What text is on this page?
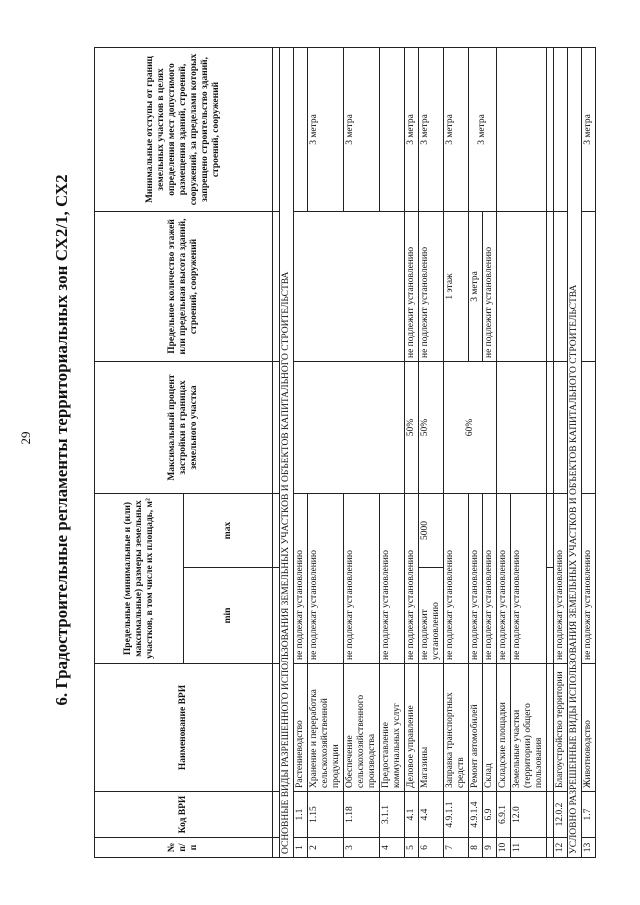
29 6. Градостроительные регламенты территориальных зон СХ2/1, СХ2
№ п/п	Код ВРИ	Наименование ВРИ	Предельные (минимальные и (или) максимальные) размеры земельных участков, в том числе их площадь, м²		Максимальный процент застройки в границах земельного участка	Предельное количество этажей или предельная высота зданий, строений, сооружений	Минимальные отступы от границ земельных участков в целях определения мест допустимого размещения зданий, строений, сооружений, за пределами которых запрещено строительство зданий, строений, сооружений
			min	max			

ОСНОВНЫЕ ВИДЫ РАЗРЕШЕННОГО ИСПОЛЬЗОВАНИЯ ЗЕМЕЛЬНЫХ УЧАСТКОВ И ОБЪЕКТОВ КАПИТАЛЬНОГО СТРОИТЕЛЬСТВА							
1	1.1	Растениеводство	не подлежат установлению				
2	1.15	Хранение и переработка сельскохозяйственной продукции	не подлежат установлению				3 метра
3	1.18	Обеспечение сельскохозяйственного производства	не подлежат установлению				3 метра
4	3.1.1	Предоставление коммунальных услуг	не подлежат установлению				
5	4.1	Деловое управление	не подлежат установлению		50%	не подлежит установлению	3 метра
6	4.4	Магазины	не подлежит установлению	5000	50%	не подлежит установлению	3 метра
7	4.9.1.1	Заправка транспортных средств	не подлежат установлению		60%	1 этаж	3 метра
8	4.9.1.4	Ремонт автомобилей	не подлежат установлению			3 метра	3 метра
9	6.9	Склад	не подлежат установлению			не подлежит установлению	
10	6.9.1	Складские площадки	не подлежат установлению				
11	12.0	Земельные участки (территории) общего пользования	не подлежат установлению				

12	12.0.2	Благоустройство территории	не подлежат установлению				
УСЛОВНО РАЗРЕШЕННЫЕ ВИДЫ ИСПОЛЬЗОВАНИЯ ЗЕМЕЛЬНЫХ УЧАСТКОВ И ОБЪЕКТОВ КАПИТАЛЬНОГО СТРОИТЕЛЬСТВА							
13	1.7	Животноводство	не подлежат установлению				3 метра
